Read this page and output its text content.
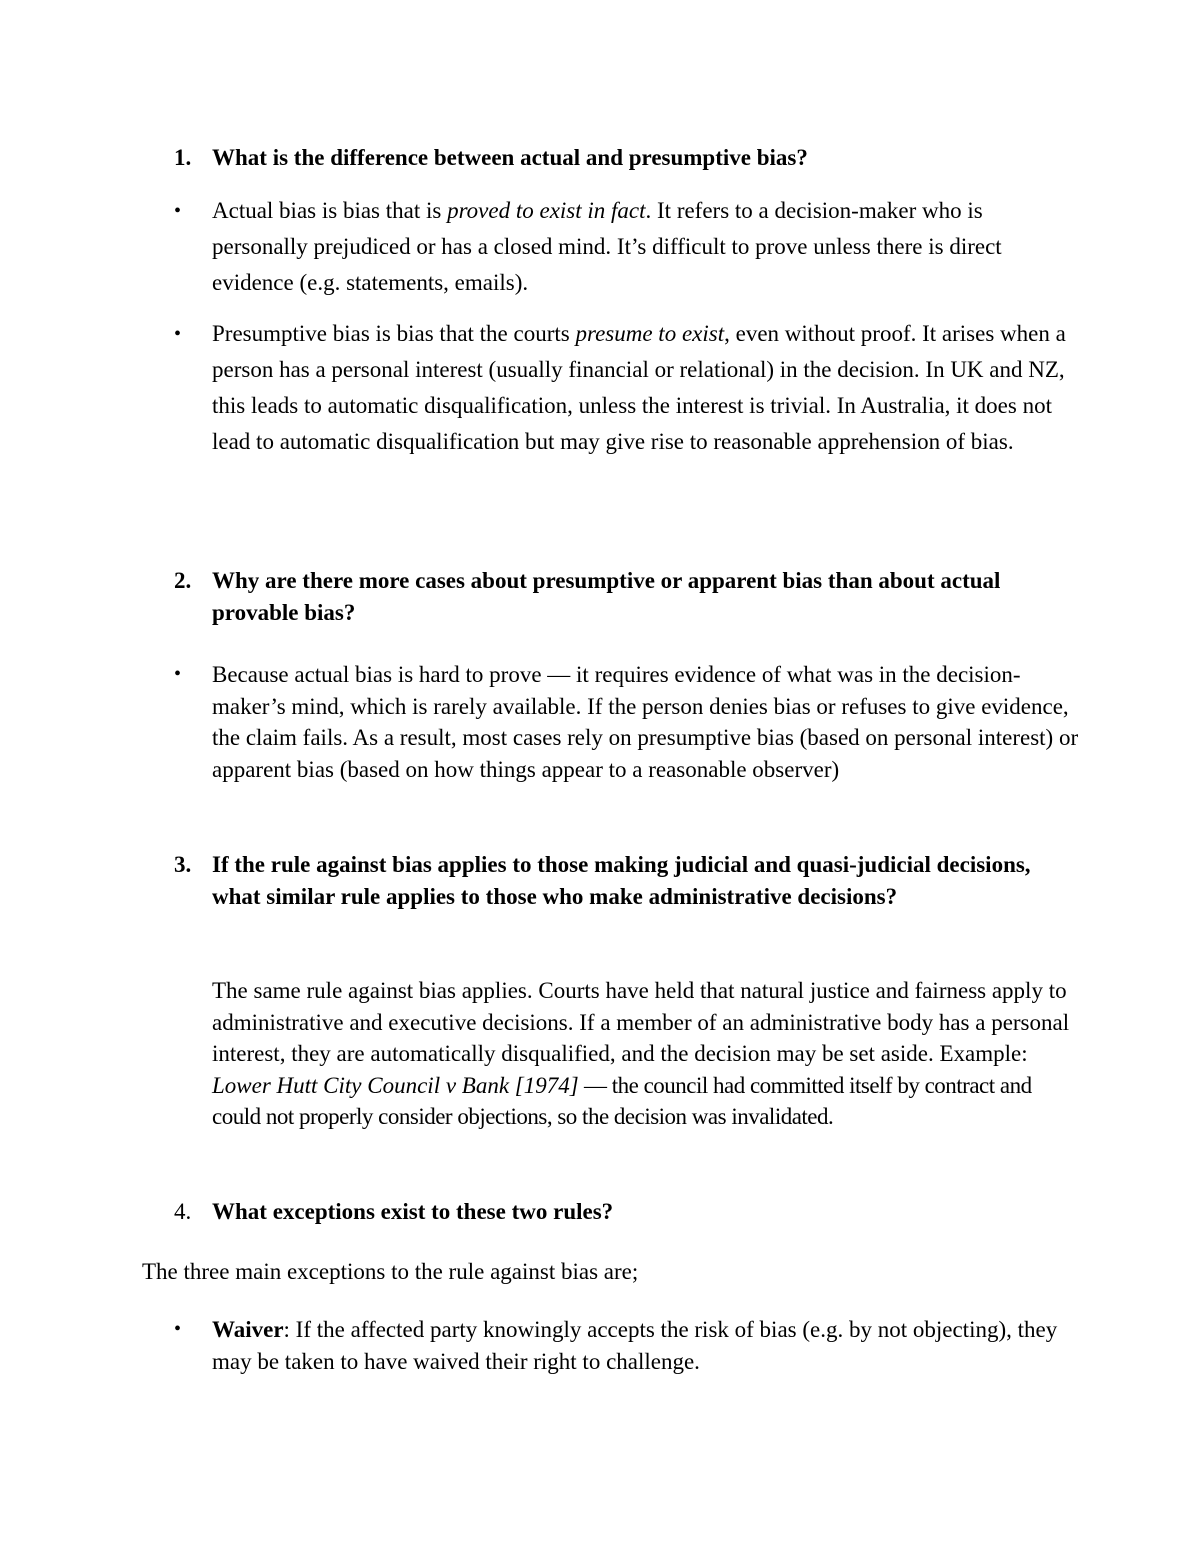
1. What is the difference between actual and presumptive bias?
•	Actual bias is bias that is proved to exist in fact. It refers to a decision-maker who is personally prejudiced or has a closed mind. It’s difficult to prove unless there is direct evidence (e.g. statements, emails).
•	Presumptive bias is bias that the courts presume to exist, even without proof. It arises when a person has a personal interest (usually financial or relational) in the decision. In UK and NZ, this leads to automatic disqualification, unless the interest is trivial. In Australia, it does not lead to automatic disqualification but may give rise to reasonable apprehension of bias.
2. Why are there more cases about presumptive or apparent bias than about actual provable bias?
•	Because actual bias is hard to prove — it requires evidence of what was in the decision-maker’s mind, which is rarely available. If the person denies bias or refuses to give evidence, the claim fails. As a result, most cases rely on presumptive bias (based on personal interest) or apparent bias (based on how things appear to a reasonable observer)
3. If the rule against bias applies to those making judicial and quasi-judicial decisions, what similar rule applies to those who make administrative decisions?
The same rule against bias applies. Courts have held that natural justice and fairness apply to administrative and executive decisions. If a member of an administrative body has a personal interest, they are automatically disqualified, and the decision may be set aside. Example: Lower Hutt City Council v Bank [1974] — the council had committed itself by contract and could not properly consider objections, so the decision was invalidated.
4. What exceptions exist to these two rules?
The three main exceptions to the rule against bias are;
•	Waiver: If the affected party knowingly accepts the risk of bias (e.g. by not objecting), they may be taken to have waived their right to challenge.
